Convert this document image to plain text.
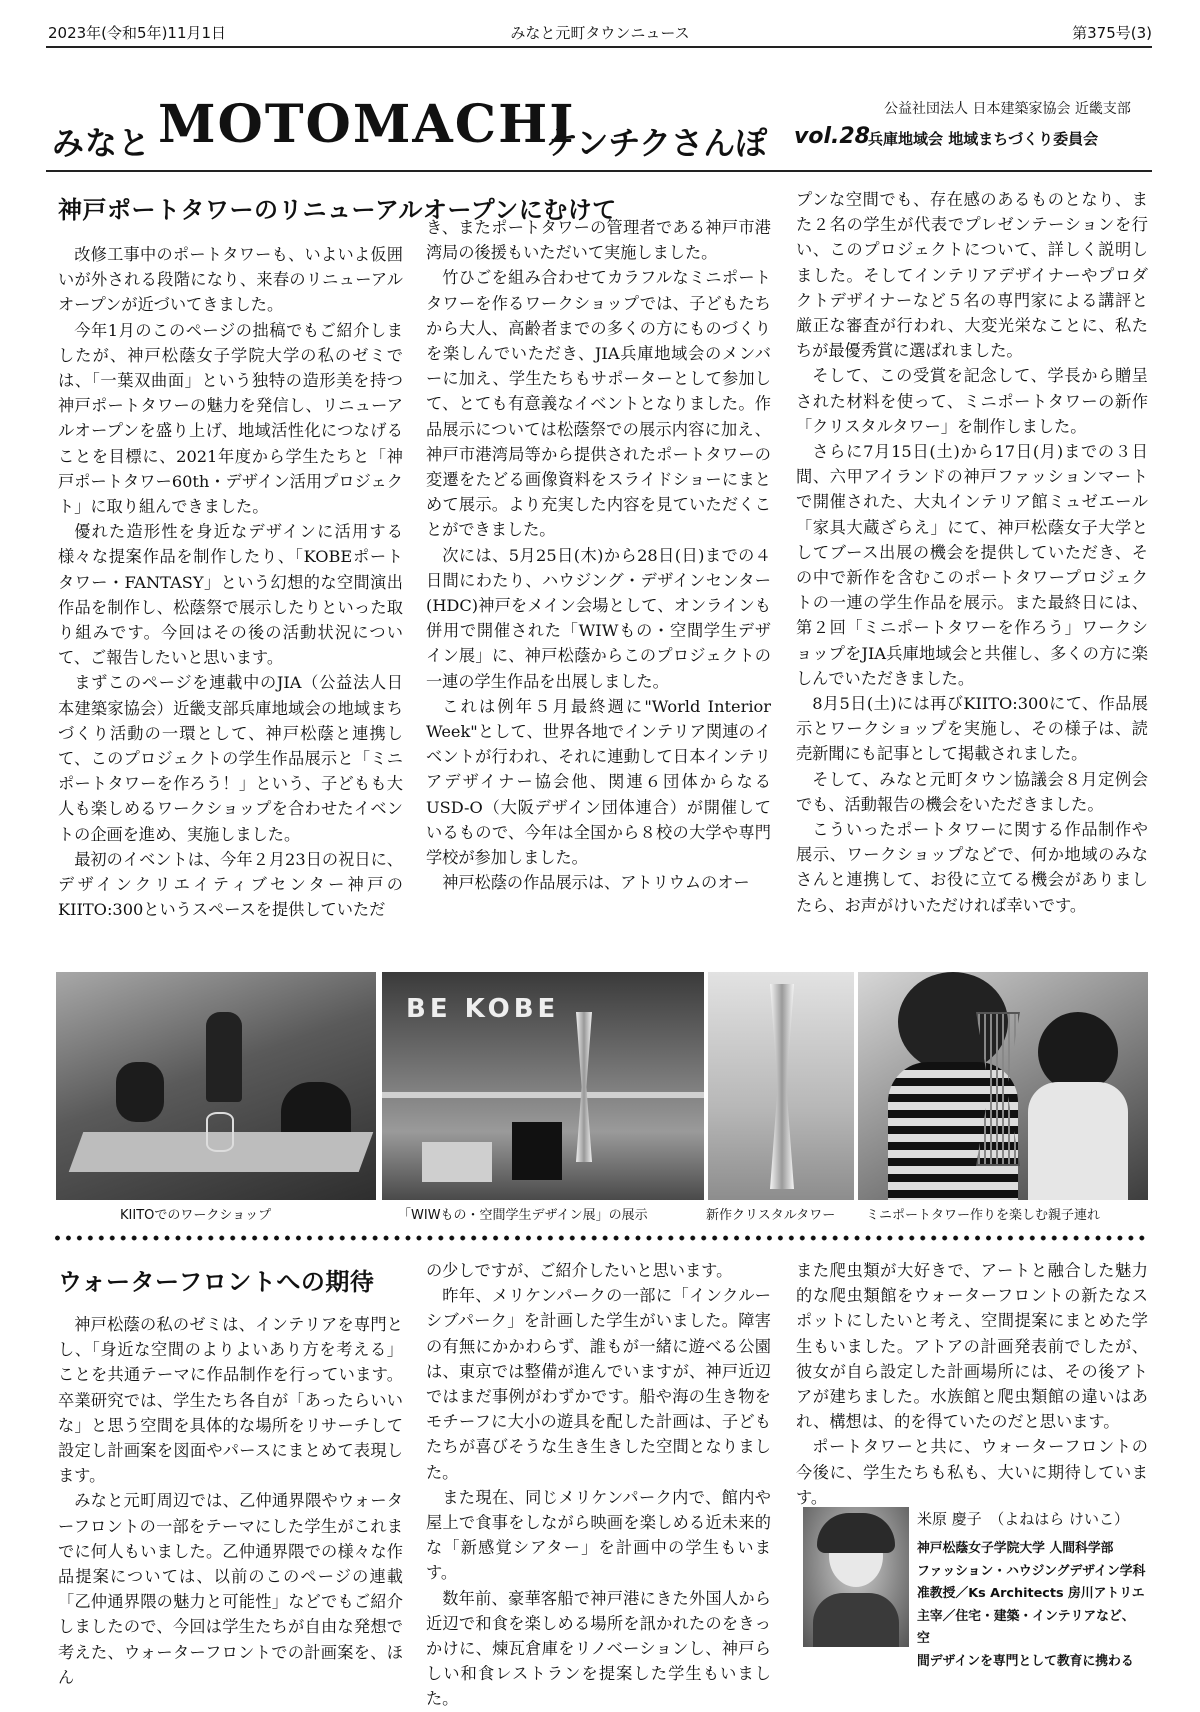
2023年(令和5年)11月1日	みなと元町タウンニュース	第375号(3)
みなと MOTOMACHI
ケンチクさんぽ vol.28
公益社団法人 日本建築家協会 近畿支部
兵庫地域会 地域まちづくり委員会
神戸ポートタワーのリニューアルオープンにむけて

改修工事中のポートタワーも、いよいよ仮囲いが外される段階になり、来春のリニューアルオープンが近づいてきました。

今年1月のこのページの拙稿でもご紹介しましたが、神戸松蔭女子学院大学の私のゼミでは、「一葉双曲面」という独特の造形美を持つ神戸ポートタワーの魅力を発信し、リニューアルオープンを盛り上げ、地域活性化につなげることを目標に、2021年度から学生たちと「神戸ポートタワー60th・デザイン活用プロジェクト」に取り組んできました。

優れた造形性を身近なデザインに活用する様々な提案作品を制作したり、「KOBEポートタワー・FANTASY」という幻想的な空間演出作品を制作し、松蔭祭で展示したりといった取り組みです。今回はその後の活動状況について、ご報告したいと思います。

まずこのページを連載中のJIA（公益法人日本建築家協会）近畿支部兵庫地域会の地域まちづくり活動の一環として、神戸松蔭と連携して、このプロジェクトの学生作品展示と「ミニポートタワーを作ろう！」という、子どもも大人も楽しめるワークショップを合わせたイベントの企画を進め、実施しました。

最初のイベントは、今年２月23日の祝日に、デザインクリエイティブセンター神戸のKIITO:300というスペースを提供していただ

き、またポートタワーの管理者である神戸市港湾局の後援もいただいて実施しました。

竹ひごを組み合わせてカラフルなミニポートタワーを作るワークショップでは、子どもたちから大人、高齢者までの多くの方にものづくりを楽しんでいただき、JIA兵庫地域会のメンバーに加え、学生たちもサポーターとして参加して、とても有意義なイベントとなりました。作品展示については松蔭祭での展示内容に加え、神戸市港湾局等から提供されたポートタワーの変遷をたどる画像資料をスライドショーにまとめて展示。より充実した内容を見ていただくことができました。

次には、5月25日(木)から28日(日)までの４日間にわたり、ハウジング・デザインセンター(HDC)神戸をメイン会場として、オンラインも併用で開催された「WIWもの・空間学生デザイン展」に、神戸松蔭からこのプロジェクトの一連の学生作品を出展しました。

これは例年５月最終週に"World Interior Week"として、世界各地でインテリア関連のイベントが行われ、それに連動して日本インテリアデザイナー協会他、関連６団体からなるUSD-O（大阪デザイン団体連合）が開催しているもので、今年は全国から８校の大学や専門学校が参加しました。

神戸松蔭の作品展示は、アトリウムのオー

プンな空間でも、存在感のあるものとなり、また２名の学生が代表でプレゼンテーションを行い、このプロジェクトについて、詳しく説明しました。そしてインテリアデザイナーやプロダクトデザイナーなど５名の専門家による講評と厳正な審査が行われ、大変光栄なことに、私たちが最優秀賞に選ばれました。

そして、この受賞を記念して、学長から贈呈された材料を使って、ミニポートタワーの新作「クリスタルタワー」を制作しました。

さらに7月15日(土)から17日(月)までの３日間、六甲アイランドの神戸ファッションマートで開催された、大丸インテリア館ミュゼエール「家具大蔵ざらえ」にて、神戸松蔭女子大学としてブース出展の機会を提供していただき、その中で新作を含むこのポートタワープロジェクトの一連の学生作品を展示。また最終日には、第２回「ミニポートタワーを作ろう」ワークショップをJIA兵庫地域会と共催し、多くの方に楽しんでいただきました。

8月5日(土)には再びKIITO:300にて、作品展示とワークショップを実施し、その様子は、読売新聞にも記事として掲載されました。

そして、みなと元町タウン協議会８月定例会でも、活動報告の機会をいただきました。

こういったポートタワーに関する作品制作や展示、ワークショップなどで、何か地域のみなさんと連携して、お役に立てる機会がありましたら、お声がけいただければ幸いです。

BE KOBE
KIITOでのワークショップ	「WIWもの・空間学生デザイン展」の展示	新作クリスタルタワー ミニポートタワー作りを楽しむ親子連れ
ウォーターフロントへの期待

神戸松蔭の私のゼミは、インテリアを専門とし、「身近な空間のよりよいあり方を考える」ことを共通テーマに作品制作を行っています。卒業研究では、学生たち各自が「あったらいいな」と思う空間を具体的な場所をリサーチして設定し計画案を図面やパースにまとめて表現します。

みなと元町周辺では、乙仲通界隈やウォーターフロントの一部をテーマにした学生がこれまでに何人もいました。乙仲通界隈での様々な作品提案については、以前のこのページの連載「乙仲通界隈の魅力と可能性」などでもご紹介しましたので、今回は学生たちが自由な発想で考えた、ウォーターフロントでの計画案を、ほん

の少しですが、ご紹介したいと思います。

昨年、メリケンパークの一部に「インクルーシブパーク」を計画した学生がいました。障害の有無にかかわらず、誰もが一緒に遊べる公園は、東京では整備が進んでいますが、神戸近辺ではまだ事例がわずかです。船や海の生き物をモチーフに大小の遊具を配した計画は、子どもたちが喜びそうな生き生きした空間となりました。

また現在、同じメリケンパーク内で、館内や屋上で食事をしながら映画を楽しめる近未来的な「新感覚シアター」を計画中の学生もいます。

数年前、豪華客船で神戸港にきた外国人から近辺で和食を楽しめる場所を訊かれたのをきっかけに、煉瓦倉庫をリノベーションし、神戸らしい和食レストランを提案した学生もいました。

また爬虫類が大好きで、アートと融合した魅力的な爬虫類館をウォーターフロントの新たなスポットにしたいと考え、空間提案にまとめた学生もいました。アトアの計画発表前でしたが、彼女が自ら設定した計画場所には、その後アトアが建ちました。水族館と爬虫類館の違いはあれ、構想は、的を得ていたのだと思います。

ポートタワーと共に、ウォーターフロントの今後に、学生たちも私も、大いに期待しています。

米原 慶子　（よねはら けいこ）
神戸松蔭女子学院大学 人間科学部
ファッション・ハウジングデザイン学科
准教授／Ks Architects 房川アトリエ
主宰／住宅・建築・インテリアなど、空
間デザインを専門として教育に携わる
